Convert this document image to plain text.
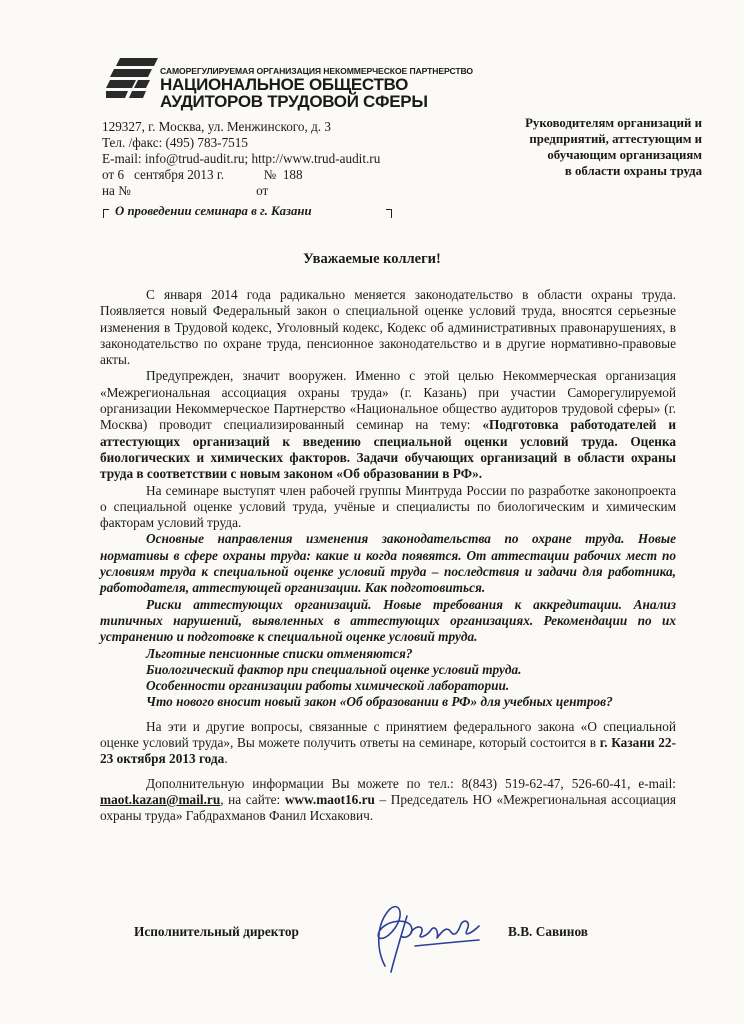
САМОРЕГУЛИРУЕМАЯ ОРГАНИЗАЦИЯ НЕКОММЕРЧЕСКОЕ ПАРТНЕРСТВО
НАЦИОНАЛЬНОЕ ОБЩЕСТВО
АУДИТОРОВ ТРУДОВОЙ СФЕРЫ
129327, г. Москва, ул. Менжинского, д. 3
Тел. /факс: (495) 783-7515
E-mail: info@trud-audit.ru; http://www.trud-audit.ru
от 6   сентября 2013 г.            №  188
на №                                      от
Руководителям организаций и
предприятий, аттестующим и
обучающим организациям
в области охраны труда
О проведении семинара в г. Казани
Уважаемые коллеги!

С января 2014 года радикально меняется законодательство в области охраны труда. Появляется новый Федеральный закон о специальной оценке условий труда, вносятся серьезные изменения в Трудовой кодекс, Уголовный кодекс, Кодекс об административных правонарушениях, в законодательство по охране труда, пенсионное законодательство и в другие нормативно-правовые акты.

Предупрежден, значит вооружен. Именно с этой целью Некоммерческая организация «Межрегиональная ассоциация охраны труда» (г. Казань) при участии Саморегулируемой организации Некоммерческое Партнерство «Национальное общество аудиторов трудовой сферы» (г. Москва) проводит специализированный семинар на тему: «Подготовка работодателей и аттестующих организаций к введению специальной оценки условий труда. Оценка биологических и химических факторов. Задачи обучающих организаций в области охраны труда в соответствии с новым законом «Об образовании в РФ».

На семинаре выступят член рабочей группы Минтруда России по разработке законопроекта о специальной оценке условий труда, учёные и специалисты по биологическим и химическим факторам условий труда.

Основные направления изменения законодательства по охране труда. Новые нормативы в сфере охраны труда: какие и когда появятся. От аттестации рабочих мест по условиям труда к специальной оценке условий труда – последствия и задачи для работника, работодателя, аттестующей организации. Как подготовиться.

Риски аттестующих организаций. Новые требования к аккредитации. Анализ типичных нарушений, выявленных в аттестующих организациях. Рекомендации по их устранению и подготовке к специальной оценке условий труда.

Льготные пенсионные списки отменяются?

Биологический фактор при специальной оценке условий труда.

Особенности организации работы химической лаборатории.

Что нового вносит новый закон «Об образовании в РФ» для учебных центров?

На эти и другие вопросы, связанные с принятием федерального закона «О специальной оценке условий труда», Вы можете получить ответы на семинаре, который состоится в г. Казани 22-23 октября 2013 года.

Дополнительную информации Вы можете по тел.: 8(843) 519-62-47, 526-60-41, e-mail: maot.kazan@mail.ru, на сайте: www.maot16.ru – Председатель НО «Межрегиональная ассоциация охраны труда» Габдрахманов Фанил Исхакович.

Исполнительный директор	В.В. Савинов
